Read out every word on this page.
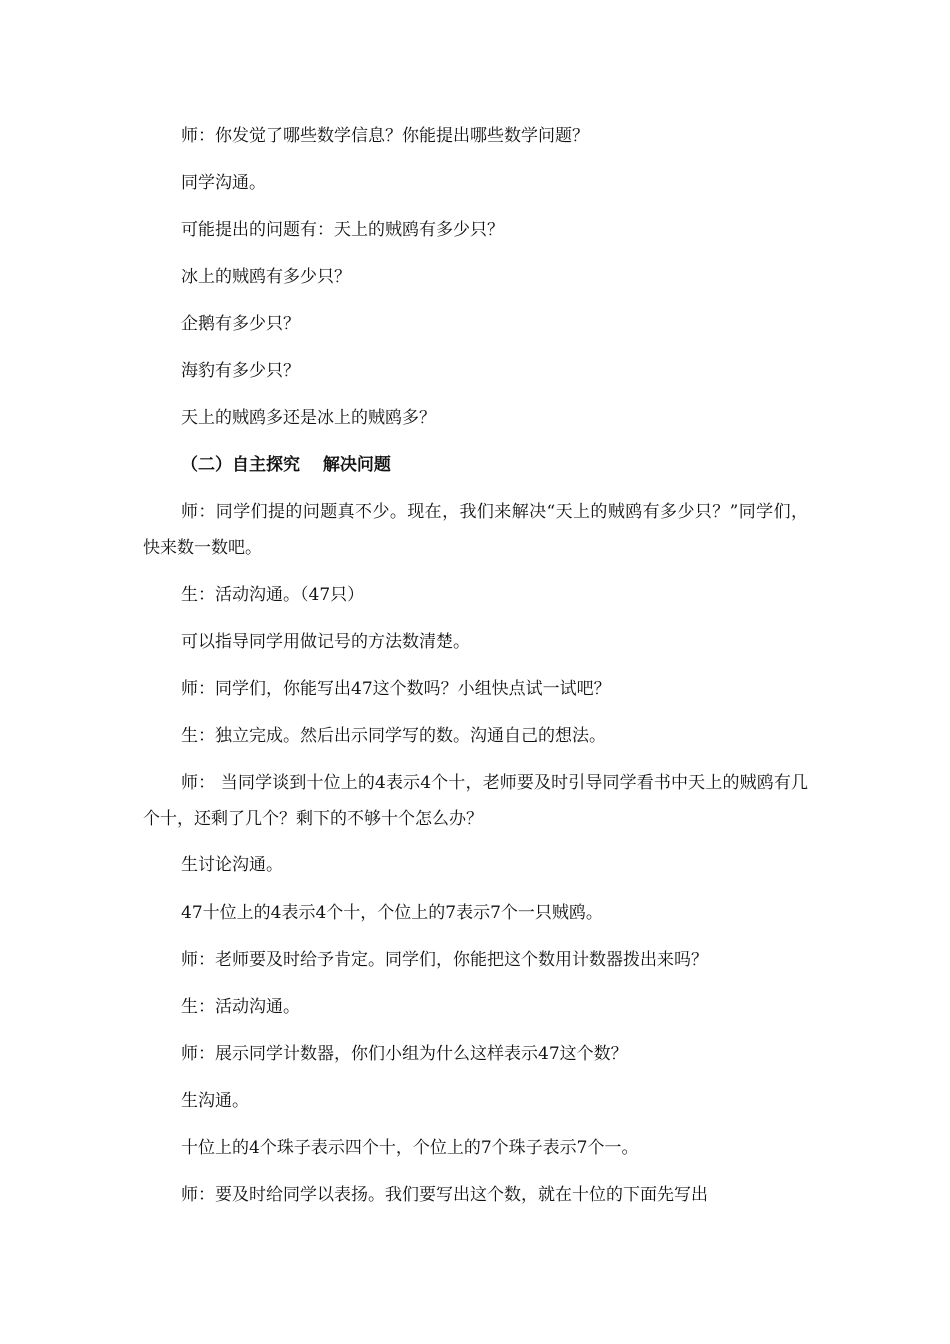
师：你发觉了哪些数学信息？你能提出哪些数学问题？

同学沟通。

可能提出的问题有：天上的贼鸥有多少只？

冰上的贼鸥有多少只？

企鹅有多少只？

海豹有多少只？

天上的贼鸥多还是冰上的贼鸥多？

（二）自主探究　 解决问题

师：同学们提的问题真不少。现在，我们来解决“天上的贼鸥有多少只？”同学们，快来数一数吧。

生：活动沟通。（47只）

可以指导同学用做记号的方法数清楚。

师：同学们，你能写出47这个数吗？小组快点试一试吧？

生：独立完成。然后出示同学写的数。沟通自己的想法。

师： 当同学谈到十位上的4表示4个十，老师要及时引导同学看书中天上的贼鸥有几个十，还剩了几个？剩下的不够十个怎么办？

生讨论沟通。

47十位上的4表示4个十，个位上的7表示7个一只贼鸥。

师：老师要及时给予肯定。同学们，你能把这个数用计数器拨出来吗？

生：活动沟通。

师：展示同学计数器，你们小组为什么这样表示47这个数？

生沟通。

十位上的4个珠子表示四个十，个位上的7个珠子表示7个一。

师：要及时给同学以表扬。我们要写出这个数，就在十位的下面先写出
